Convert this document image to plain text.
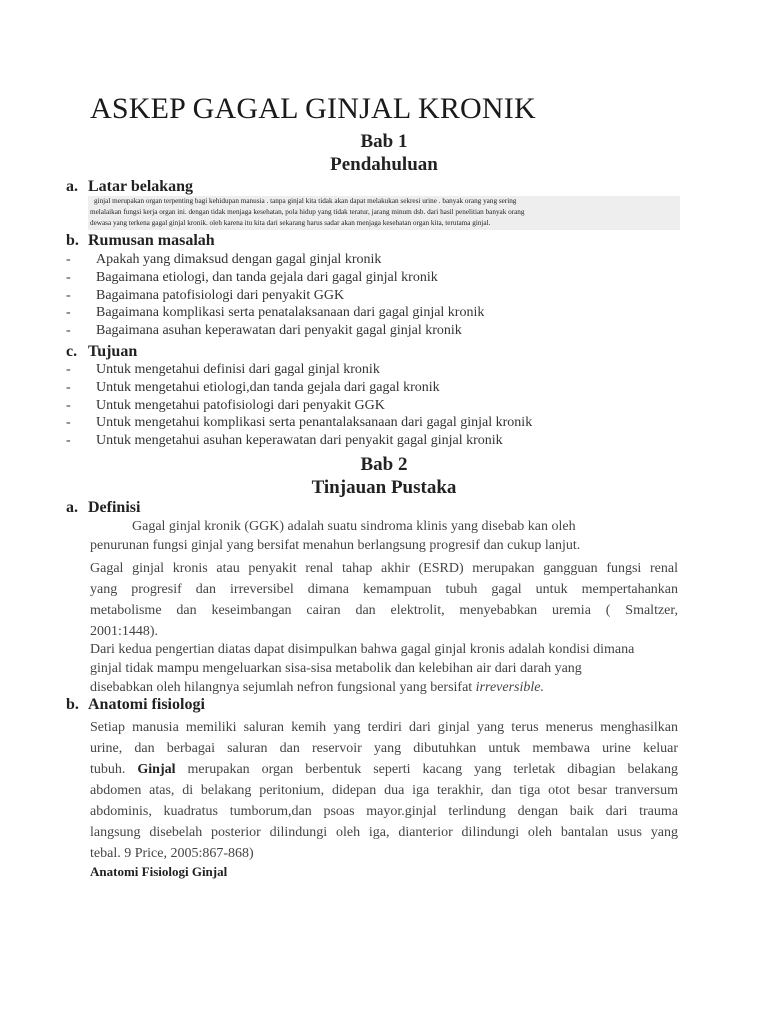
ASKEP GAGAL GINJAL KRONIK
Bab 1
Pendahuluan
a. Latar belakang
ginjal merupakan organ terpenting bagi kehidupan manusia . tanpa ginjal kita tidak akan dapat melakukan sekresi urine . banyak orang yang sering
melalaikan fungsi kerja organ ini. dengan tidak menjaga kesehatan, pola hidup yang tidak teratur, jarang minum dsb. dari hasil penelitian banyak orang
dewasa yang terkena gagal ginjal kronik. oleh karena itu kita dari sekarang harus sadar akan menjaga kesehatan organ kita, terutama ginjal.
b. Rumusan masalah
- Apakah yang dimaksud dengan gagal ginjal kronik
- Bagaimana etiologi, dan tanda gejala dari gagal ginjal kronik
- Bagaimana patofisiologi dari penyakit GGK
- Bagaimana komplikasi serta penatalaksanaan dari gagal ginjal kronik
- Bagaimana asuhan keperawatan dari penyakit gagal ginjal kronik
c. Tujuan
- Untuk mengetahui definisi dari gagal ginjal kronik
- Untuk mengetahui etiologi,dan tanda gejala dari gagal kronik
- Untuk mengetahui patofisiologi dari penyakit GGK
- Untuk mengetahui komplikasi serta penantalaksanaan dari gagal ginjal kronik
- Untuk mengetahui asuhan keperawatan dari penyakit gagal ginjal kronik
Bab 2
Tinjauan Pustaka
a. Definisi
Gagal ginjal kronik (GGK) adalah suatu sindroma klinis yang disebab kan oleh
penurunan fungsi ginjal yang bersifat menahun berlangsung progresif dan cukup lanjut.
Gagal ginjal kronis atau penyakit renal tahap akhir (ESRD) merupakan gangguan fungsi renal
yang progresif dan irreversibel dimana kemampuan tubuh gagal untuk mempertahankan
metabolisme dan keseimbangan cairan dan elektrolit, menyebabkan uremia ( Smaltzer,
2001:1448).
Dari kedua pengertian diatas dapat disimpulkan bahwa gagal ginjal kronis adalah kondisi dimana
ginjal tidak mampu mengeluarkan sisa-sisa metabolik dan kelebihan air dari darah yang
disebabkan oleh hilangnya sejumlah nefron fungsional yang bersifat irreversible.
b. Anatomi fisiologi
Setiap manusia memiliki saluran kemih yang terdiri dari ginjal yang terus menerus menghasilkan
urine, dan berbagai saluran dan reservoir yang dibutuhkan untuk membawa urine keluar
tubuh. Ginjal merupakan organ berbentuk seperti kacang yang terletak dibagian belakang
abdomen atas, di belakang peritonium, didepan dua iga terakhir, dan tiga otot besar tranversum
abdominis, kuadratus tumborum,dan psoas mayor.ginjal terlindung dengan baik dari trauma
langsung disebelah posterior dilindungi oleh iga, dianterior dilindungi oleh bantalan usus yang
tebal. 9 Price, 2005:867-868)
Anatomi Fisiologi Ginjal
